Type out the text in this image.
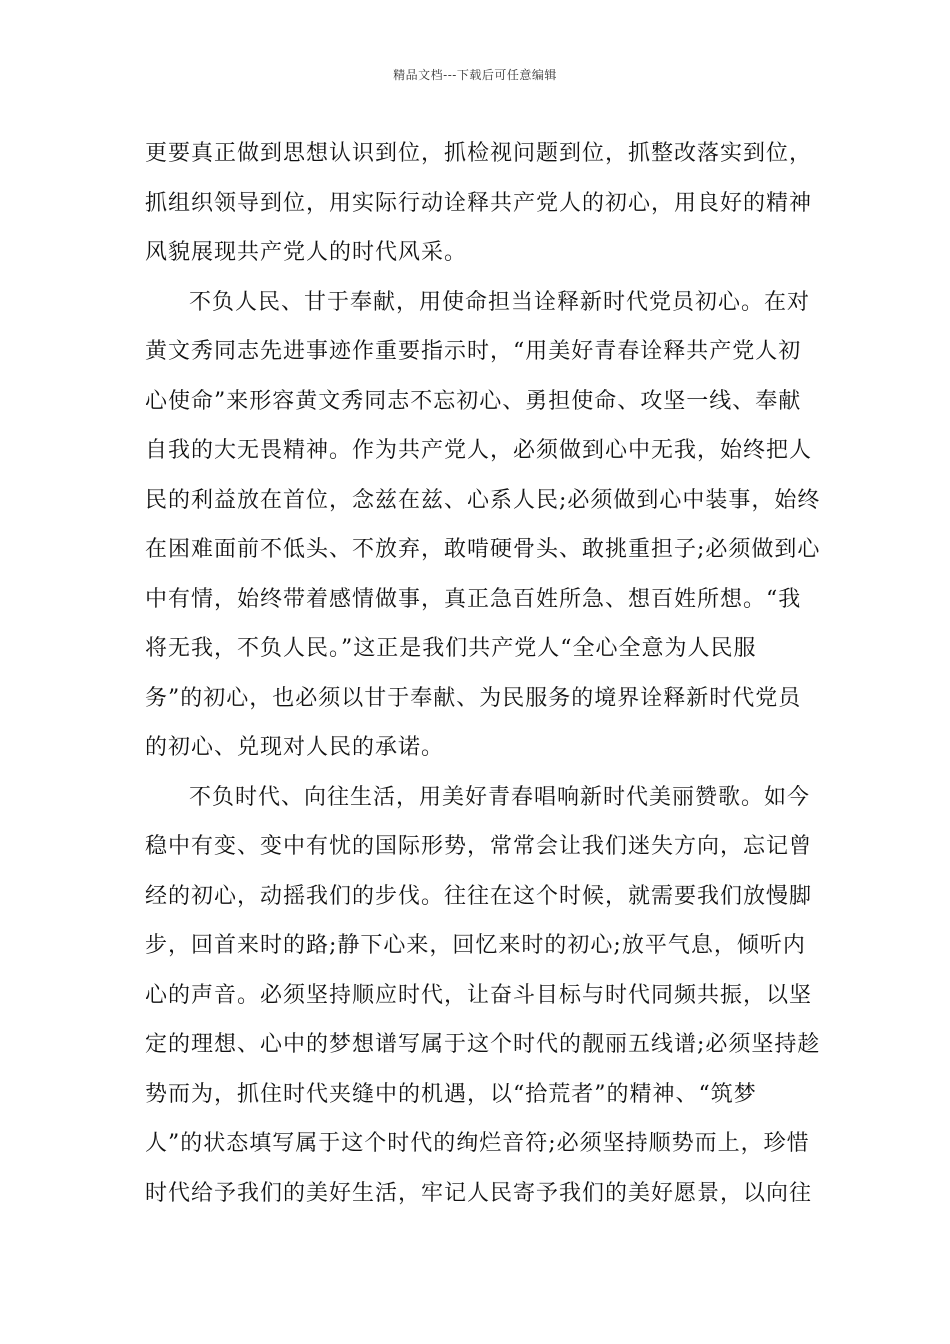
精品文档---下载后可任意编辑
更要真正做到思想认识到位，抓检视问题到位，抓整改落实到位，
抓组织领导到位，用实际行动诠释共产党人的初心，用良好的精神
风貌展现共产党人的时代风采。
不负人民、甘于奉献，用使命担当诠释新时代党员初心。在对
黄文秀同志先进事迹作重要指示时，“用美好青春诠释共产党人初
心使命”来形容黄文秀同志不忘初心、勇担使命、攻坚一线、奉献
自我的大无畏精神。作为共产党人，必须做到心中无我，始终把人
民的利益放在首位，念兹在兹、心系人民;必须做到心中装事，始终
在困难面前不低头、不放弃，敢啃硬骨头、敢挑重担子;必须做到心
中有情，始终带着感情做事，真正急百姓所急、想百姓所想。“我
将无我，不负人民。”这正是我们共产党人“全心全意为人民服
务”的初心，也必须以甘于奉献、为民服务的境界诠释新时代党员
的初心、兑现对人民的承诺。
不负时代、向往生活，用美好青春唱响新时代美丽赞歌。如今
稳中有变、变中有忧的国际形势，常常会让我们迷失方向，忘记曾
经的初心，动摇我们的步伐。往往在这个时候，就需要我们放慢脚
步，回首来时的路;静下心来，回忆来时的初心;放平气息，倾听内
心的声音。必须坚持顺应时代，让奋斗目标与时代同频共振，以坚
定的理想、心中的梦想谱写属于这个时代的靓丽五线谱;必须坚持趁
势而为，抓住时代夹缝中的机遇，以“拾荒者”的精神、“筑梦
人”的状态填写属于这个时代的绚烂音符;必须坚持顺势而上，珍惜
时代给予我们的美好生活，牢记人民寄予我们的美好愿景，以向往
